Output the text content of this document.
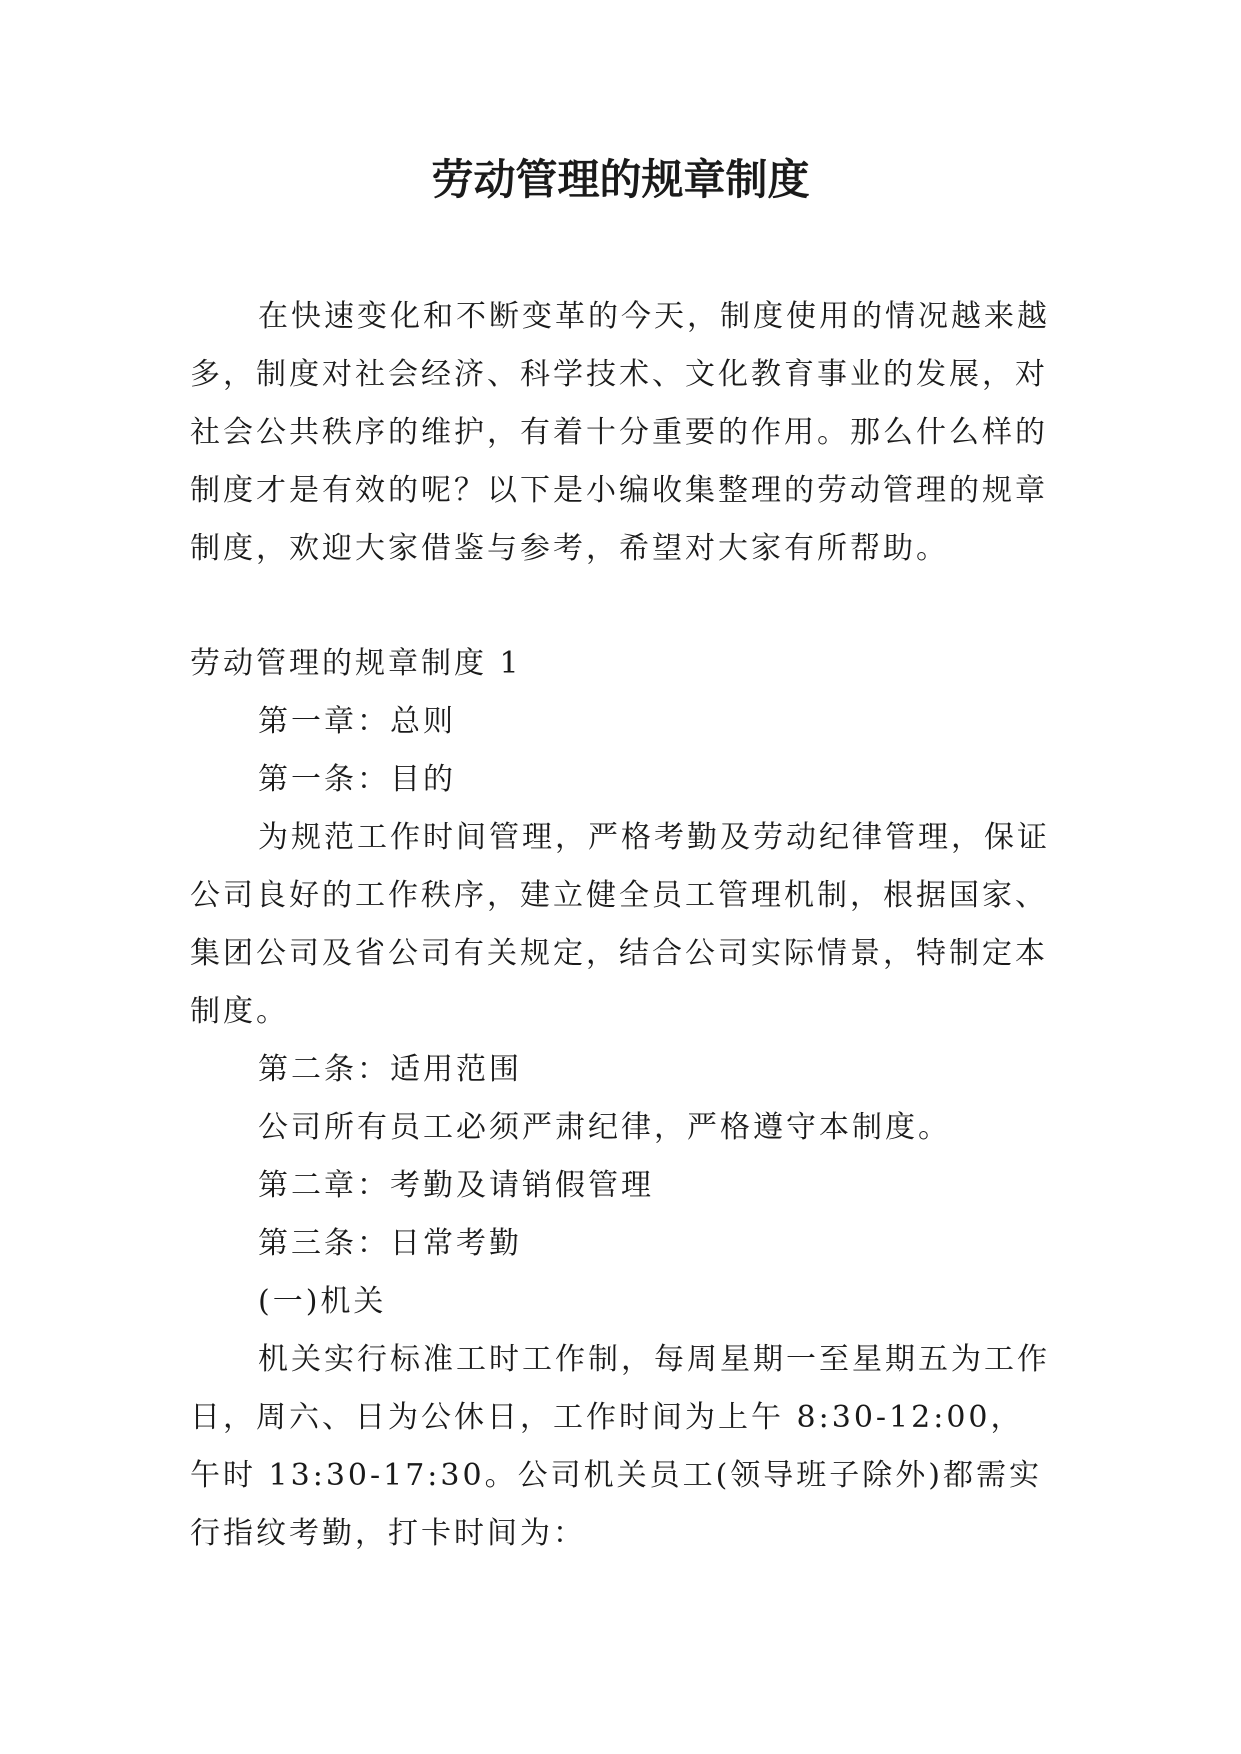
劳动管理的规章制度

在快速变化和不断变革的今天，制度使用的情况越来越多，制度对社会经济、科学技术、文化教育事业的发展，对社会公共秩序的维护，有着十分重要的作用。那么什么样的制度才是有效的呢？以下是小编收集整理的劳动管理的规章制度，欢迎大家借鉴与参考，希望对大家有所帮助。

劳动管理的规章制度 1

第一章：总则

第一条：目的

为规范工作时间管理，严格考勤及劳动纪律管理，保证公司良好的工作秩序，建立健全员工管理机制，根据国家、集团公司及省公司有关规定，结合公司实际情景，特制定本制度。

第二条：适用范围

公司所有员工必须严肃纪律，严格遵守本制度。

第二章：考勤及请销假管理

第三条：日常考勤

(一)机关

机关实行标准工时工作制，每周星期一至星期五为工作日，周六、日为公休日，工作时间为上午 8:30-12:00，午时 13:30-17:30。公司机关员工(领导班子除外)都需实行指纹考勤，打卡时间为：
